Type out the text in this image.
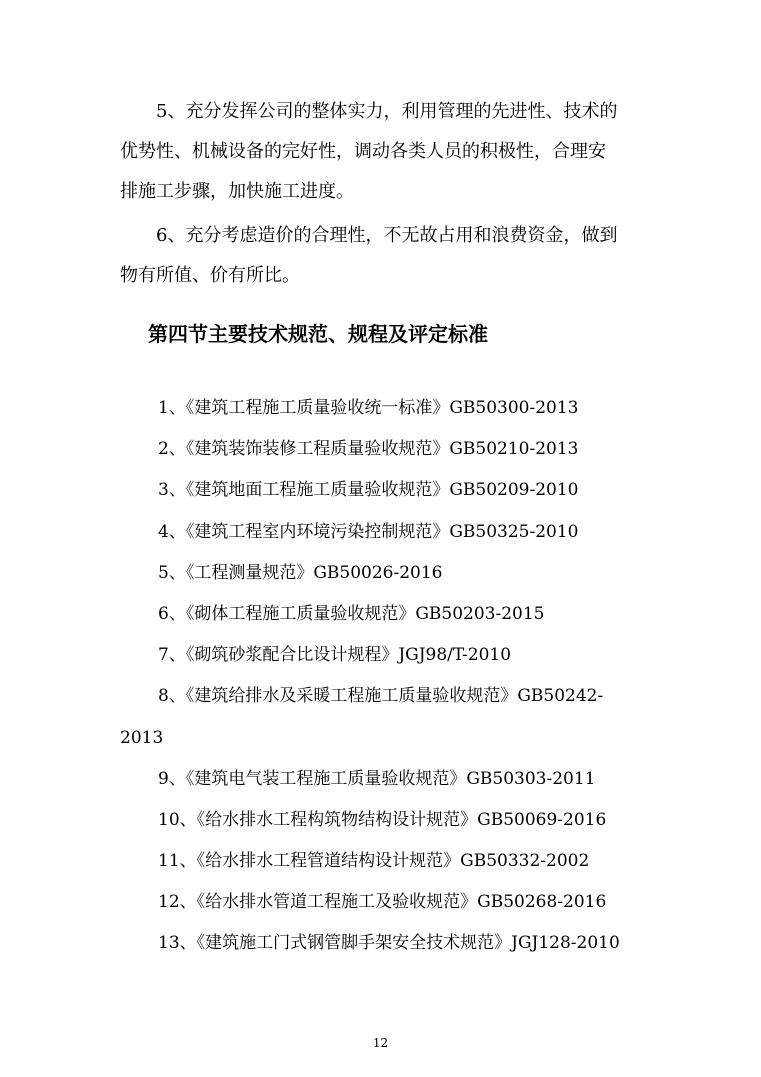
5、充分发挥公司的整体实力，利用管理的先进性、技术的
优势性、机械设备的完好性，调动各类人员的积极性，合理安
排施工步骤，加快施工进度。
6、充分考虑造价的合理性，不无故占用和浪费资金，做到
物有所值、价有所比。
第四节主要技术规范、规程及评定标准
1、《建筑工程施工质量验收统一标准》GB50300-2013
2、《建筑装饰装修工程质量验收规范》GB50210-2013
3、《建筑地面工程施工质量验收规范》GB50209-2010
4、《建筑工程室内环境污染控制规范》GB50325-2010
5、《工程测量规范》GB50026-2016
6、《砌体工程施工质量验收规范》GB50203-2015
7、《砌筑砂浆配合比设计规程》JGJ98/T-2010
8、《建筑给排水及采暖工程施工质量验收规范》GB50242-
2013
9、《建筑电气装工程施工质量验收规范》GB50303-2011
10、《给水排水工程构筑物结构设计规范》GB50069-2016
11、《给水排水工程管道结构设计规范》GB50332-2002
12、《给水排水管道工程施工及验收规范》GB50268-2016
13、《建筑施工门式钢管脚手架安全技术规范》JGJ128-2010

12
